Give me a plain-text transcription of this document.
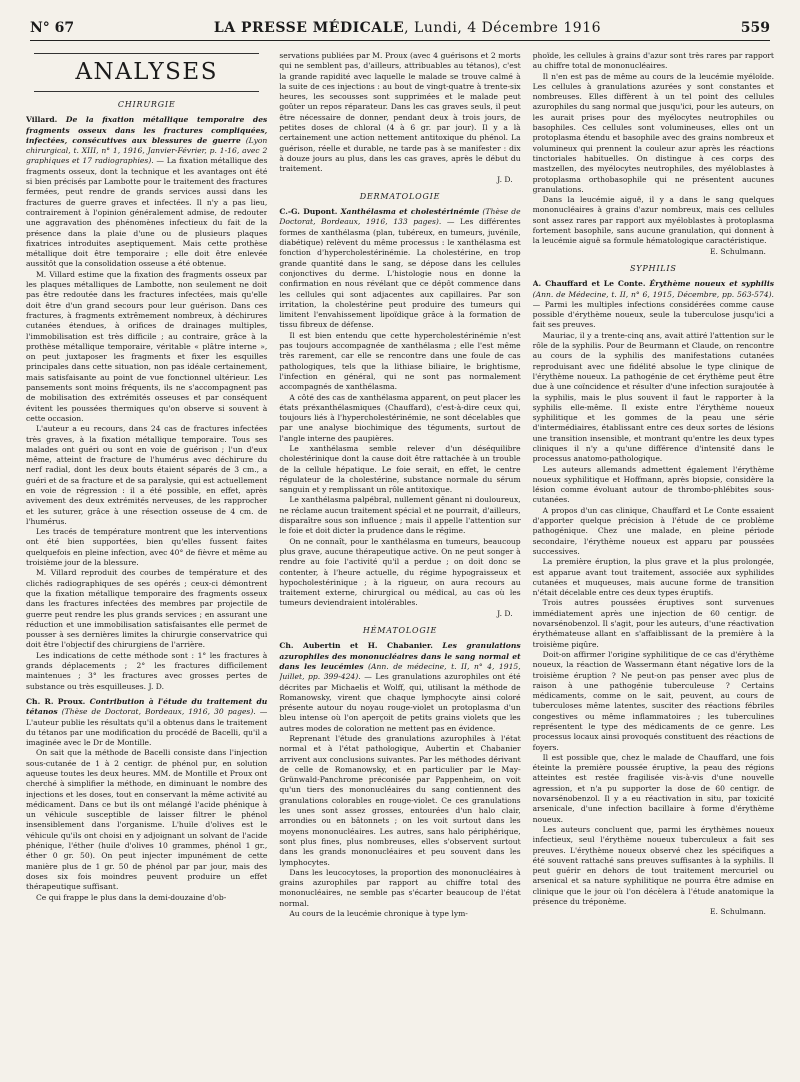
N° 67	LA PRESSE MÉDICALE, Lundi, 4 Décembre 1916	559
ANALYSES
CHIRURGIE

Villard. De la fixation métallique temporaire des fragments osseux dans les fractures compliquées, infectées, consécutives aux blessures de guerre (Lyon chirurgical, t. XIII, n° 1, 1916, Janvier-Février, p. 1-16, avec 2 graphiques et 17 radiographies). — La fixation métallique des fragments osseux, dont la technique et les avantages ont été si bien précisés par Lambotte pour le traitement des fractures fermées, peut rendre de grands services aussi dans les fractures de guerre graves et infectées. Il n'y a pas lieu, contrairement à l'opinion généralement admise, de redouter une aggravation des phénomènes infectieux du fait de la présence dans la plaie d'une ou de plusieurs plaques fixatrices introduites aseptiquement. Mais cette prothèse métallique doit être temporaire ; elle doit être enlevée aussitôt que la consolidation osseuse a été obtenue.

M. Villard estime que la fixation des fragments osseux par les plaques métalliques de Lambotte, non seulement ne doit pas être redoutée dans les fractures infectées, mais qu'elle doit être d'un grand secours pour leur guérison. Dans ces fractures, à fragments extrêmement nombreux, à déchirures cutanées étendues, à orifices de drainages multiples, l'immobilisation est très difficile ; au contraire, grâce à la prothèse métallique temporaire, véritable « plâtre interne », on peut juxtaposer les fragments et fixer les esquilles principales dans cette situation, non pas idéale certainement, mais satisfaisante au point de vue fonctionnel ultérieur. Les pansements sont moins fréquents, ils ne s'accompagnent pas de mobilisation des extrémités osseuses et par conséquent évitent les poussées thermiques qu'on observe si souvent à cette occasion.

L'auteur a eu recours, dans 24 cas de fractures infectées très graves, à la fixation métallique temporaire. Tous ses malades ont guéri ou sont en voie de guérison ; l'un d'eux même, atteint de fracture de l'humérus avec déchirure du nerf radial, dont les deux bouts étaient séparés de 3 cm., a guéri et de sa fracture et de sa paralysie, qui est actuellement en voie de régression : il a été possible, en effet, après avivement des deux extrémités nerveuses, de les rapprocher et les suturer, grâce à une résection osseuse de 4 cm. de l'humérus.

Les tracés de température montrent que les interventions ont été bien supportées, bien qu'elles fussent faites quelquefois en pleine infection, avec 40° de fièvre et même au troisième jour de la blessure.

M. Villard reproduit des courbes de température et des clichés radiographiques de ses opérés ; ceux-ci démontrent que la fixation métallique temporaire des fragments osseux dans les fractures infectées des membres par projectile de guerre peut rendre les plus grands services ; en assurant une réduction et une immobilisation satisfaisantes elle permet de pousser à ses dernières limites la chirurgie conservatrice qui doit être l'objectif des chirurgiens de l'arrière.

Les indications de cette méthode sont : 1° les fractures à grands déplacements ; 2° les fractures difficilement maintenues ; 3° les fractures avec grosses pertes de substance ou très esquilleuses. J. D.

Ch. R. Proux. Contribution à l'étude du traitement du tétanos (Thèse de Doctorat, Bordeaux, 1916, 30 pages). — L'auteur publie les résultats qu'il a obtenus dans le traitement du tétanos par une modification du procédé de Bacelli, qu'il a imaginée avec le Dr de Montille.

On sait que la méthode de Bacelli consiste dans l'injection sous-cutanée de 1 à 2 centigr. de phénol pur, en solution aqueuse toutes les deux heures. MM. de Montille et Proux ont cherché à simplifier la méthode, en diminuant le nombre des injections et les doses, tout en conservant la même activité au médicament. Dans ce but ils ont mélangé l'acide phénique à un véhicule susceptible de laisser filtrer le phénol insensiblement dans l'organisme. L'huile d'olives est le véhicule qu'ils ont choisi en y adjoignant un solvant de l'acide phénique, l'éther (huile d'olives 10 grammes, phénol 1 gr., éther 0 gr. 50). On peut injecter impunément de cette manière plus de 1 gr. 50 de phénol par par jour, mais des doses six fois moindres peuvent produire un effet thérapeutique suffisant.

Ce qui frappe le plus dans la demi-douzaine d'ob-

servations publiées par M. Proux (avec 4 guérisons et 2 morts qui ne semblent pas, d'ailleurs, attribuables au tétanos), c'est la grande rapidité avec laquelle le malade se trouve calmé à la suite de ces injections : au bout de vingt-quatre à trente-six heures, les secousses sont supprimées et le malade peut goûter un repos réparateur. Dans les cas graves seuls, il peut être nécessaire de donner, pendant deux à trois jours, de petites doses de chloral (4 à 6 gr. par jour). Il y a là certainement une action nettement antitoxique du phénol. La guérison, réelle et durable, ne tarde pas à se manifester : dix à douze jours au plus, dans les cas graves, après le début du traitement.

J. D.
DERMATOLOGIE

C.-G. Dupont. Xanthélasma et cholestérinémie (Thèse de Doctorat, Bordeaux, 1916, 133 pages). — Les différentes formes de xanthélasma (plan, tubéreux, en tumeurs, juvénile, diabétique) relèvent du même processus : le xanthélasma est fonction d'hypercholestérinémie. La cholestérine, en trop grande quantité dans le sang, se dépose dans les cellules conjonctives du derme. L'histologie nous en donne la confirmation en nous révélant que ce dépôt commence dans les cellules qui sont adjacentes aux capillaires. Par son irritation, la cholestérine peut produire des tumeurs qui limitent l'envahissement lipoïdique grâce à la formation de tissu fibreux de défense.

Il est bien entendu que cette hypercholestérinémie n'est pas toujours accompagnée de xanthélasma ; elle l'est même très rarement, car elle se rencontre dans une foule de cas pathologiques, tels que la lithiase biliaire, le brightisme, l'infection en général, qui ne sont pas normalement accompagnés de xanthélasma.

A côté des cas de xanthélasma apparent, on peut placer les états préxanthélasmiques (Chauffard), c'est-à-dire ceux qui, toujours liés à l'hypercholestérinémie, ne sont décelables que par une analyse biochimique des téguments, surtout de l'angle interne des paupières.

Le xanthélasma semble relever d'un déséquilibre cholestérinique dont la cause doit être rattachée à un trouble de la cellule hépatique. Le foie serait, en effet, le centre régulateur de la cholestérine, substance normale du sérum sanguin et y remplissant un rôle antitoxique.

Le xanthélasma palpébral, nullement gênant ni douloureux, ne réclame aucun traitement spécial et ne pourrait, d'ailleurs, disparaître sous son influence ; mais il appelle l'attention sur le foie et doit dicter la prudence dans le régime.

On ne connaît, pour le xanthélasma en tumeurs, beaucoup plus grave, aucune thérapeutique active. On ne peut songer à rendre au foie l'activité qu'il a perdue ; on doit donc se contenter, à l'heure actuelle, du régime hypograisseux et hypocholestérinique ; à la rigueur, on aura recours au traitement externe, chirurgical ou médical, au cas où les tumeurs deviendraient intolérables.

J. D.
HÉMATOLOGIE

Ch. Aubertin et H. Chabanier. Les granulations azurophiles des mononucléaires dans le sang normal et dans les leucémies (Ann. de médecine, t. II, n° 4, 1915, Juillet, pp. 399-424). — Les granulations azurophiles ont été décrites par Michaelis et Wolff, qui, utilisant la méthode de Romanowsky, virent que chaque lymphocyte ainsi coloré présente autour du noyau rouge-violet un protoplasma d'un bleu intense où l'on aperçoit de petits grains violets que les autres modes de coloration ne mettent pas en évidence.

Reprenant l'étude des granulations azurophiles à l'état normal et à l'état pathologique, Aubertin et Chabanier arrivent aux conclusions suivantes. Par les méthodes dérivant de celle de Romanowsky, et en particulier par le May-Grünwald-Panchrome préconisée par Pappenheim, on voit qu'un tiers des mononucléaires du sang contiennent des granulations colorables en rouge-violet. Ce ces granulations les unes sont assez grosses, entourées d'un halo clair, arrondies ou en bâtonnets ; on les voit surtout dans les moyens mononucléaires. Les autres, sans halo périphérique, sont plus fines, plus nombreuses, elles s'observent surtout dans les grands mononucléaires et peu souvent dans les lymphocytes.

Dans les leucocytoses, la proportion des mononucléaires à grains azurophiles par rapport au chiffre total des mononucléaires, ne semble pas s'écarter beaucoup de l'état normal.

Au cours de la leucémie chronique à type lym-

phoïde, les cellules à grains d'azur sont très rares par rapport au chiffre total de mononucléaires.

Il n'en est pas de même au cours de la leucémie myéloïde. Les cellules à granulations azurées y sont constantes et nombreuses. Elles diffèrent à un tel point des cellules azurophiles du sang normal que jusqu'ici, pour les auteurs, on les aurait prises pour des myélocytes neutrophiles ou basophiles. Ces cellules sont volumineuses, elles ont un protoplasma étendu et basophile avec des grains nombreux et volumineux qui prennent la couleur azur après les réactions tinctoriales habituelles. On distingue à ces corps des mastzellen, des myélocytes neutrophiles, des myéloblastes à protoplasma orthobasophile qui ne présentent aucunes granulations.

Dans la leucémie aiguë, il y a dans le sang quelques mononucléaires à grains d'azur nombreux, mais ces cellules sont assez rares par rapport aux myéloblastes à protoplasma fortement basophile, sans aucune granulation, qui donnent à la leucémie aiguë sa formule hématologique caractéristique.

E. Schulmann.
SYPHILIS

A. Chauffard et Le Conte. Érythème noueux et syphilis (Ann. de Médecine, t. II, n° 6, 1915, Décembre, pp. 563-574). — Parmi les multiples infections considérées comme cause possible d'érythème noueux, seule la tuberculose jusqu'ici a fait ses preuves.

Mauriac, il y a trente-cinq ans, avait attiré l'attention sur le rôle de la syphilis. Pour de Beurmann et Claude, on rencontre au cours de la syphilis des manifestations cutanées reproduisant avec une fidélité absolue le type clinique de l'érythème noueux. La pathogénie de cet érythème peut être due à une coïncidence et résulter d'une infection surajoutée à la syphilis, mais le plus souvent il faut le rapporter à la syphilis elle-même. Il existe entre l'érythème noueux syphilitique et les gommes de la peau une série d'intermédiaires, établissant entre ces deux sortes de lésions une transition insensible, et montrant qu'entre les deux types cliniques il n'y a qu'une différence d'intensité dans le processus anatomo-pathologique.

Les auteurs allemands admettent également l'érythème noueux syphilitique et Hoffmann, après biopsie, considère la lésion comme évoluant autour de thrombo-phlébites sous-cutanées.

A propos d'un cas clinique, Chauffard et Le Conte essaient d'apporter quelque précision à l'étude de ce problème pathogénique. Chez une malade, en pleine période secondaire, l'érythème noueux est apparu par poussées successives.

La première éruption, la plus grave et la plus prolongée, est apparue avant tout traitement, associée aux syphilides cutanées et muqueuses, mais aucune forme de transition n'était décelable entre ces deux types éruptifs.

Trois autres poussées éruptives sont survenues immédiatement après une injection de 60 centigr. de novarsénobenzol. Il s'agit, pour les auteurs, d'une réactivation érythémateuse allant en s'affaiblissant de la première à la troisième piqûre.

Doit-on affirmer l'origine syphilitique de ce cas d'érythème noueux, la réaction de Wassermann étant négative lors de la troisième éruption ? Ne peut-on pas penser avec plus de raison à une pathogénie tuberculeuse ? Certains médicaments, comme on le sait, peuvent, au cours de tuberculoses même latentes, susciter des réactions fébriles congestives ou même inflammatoires ; les tuberculines représentent le type des médicaments de ce genre. Les processus locaux ainsi provoqués constituent des réactions de foyers.

Il est possible que, chez le malade de Chauffard, une fois éteinte la première poussée éruptive, la peau des régions atteintes est restée fragilisée vis-à-vis d'une nouvelle agression, et n'a pu supporter la dose de 60 centigr. de novarsénobenzol. Il y a eu réactivation in situ, par toxicité arsenicale, d'une infection bacillaire à forme d'érythème noueux.

Les auteurs concluent que, parmi les érythèmes noueux infectieux, seul l'érythème noueux tuberculeux a fait ses preuves. L'érythème noueux observé chez les spécifiques a été souvent rattaché sans preuves suffisantes à la syphilis. Il peut guérir en dehors de tout traitement mercuriel ou arsenical et sa nature syphilitique ne pourra être admise en clinique que le jour où l'on décèlera à l'étude anatomique la présence du tréponème.

E. Schulmann.
